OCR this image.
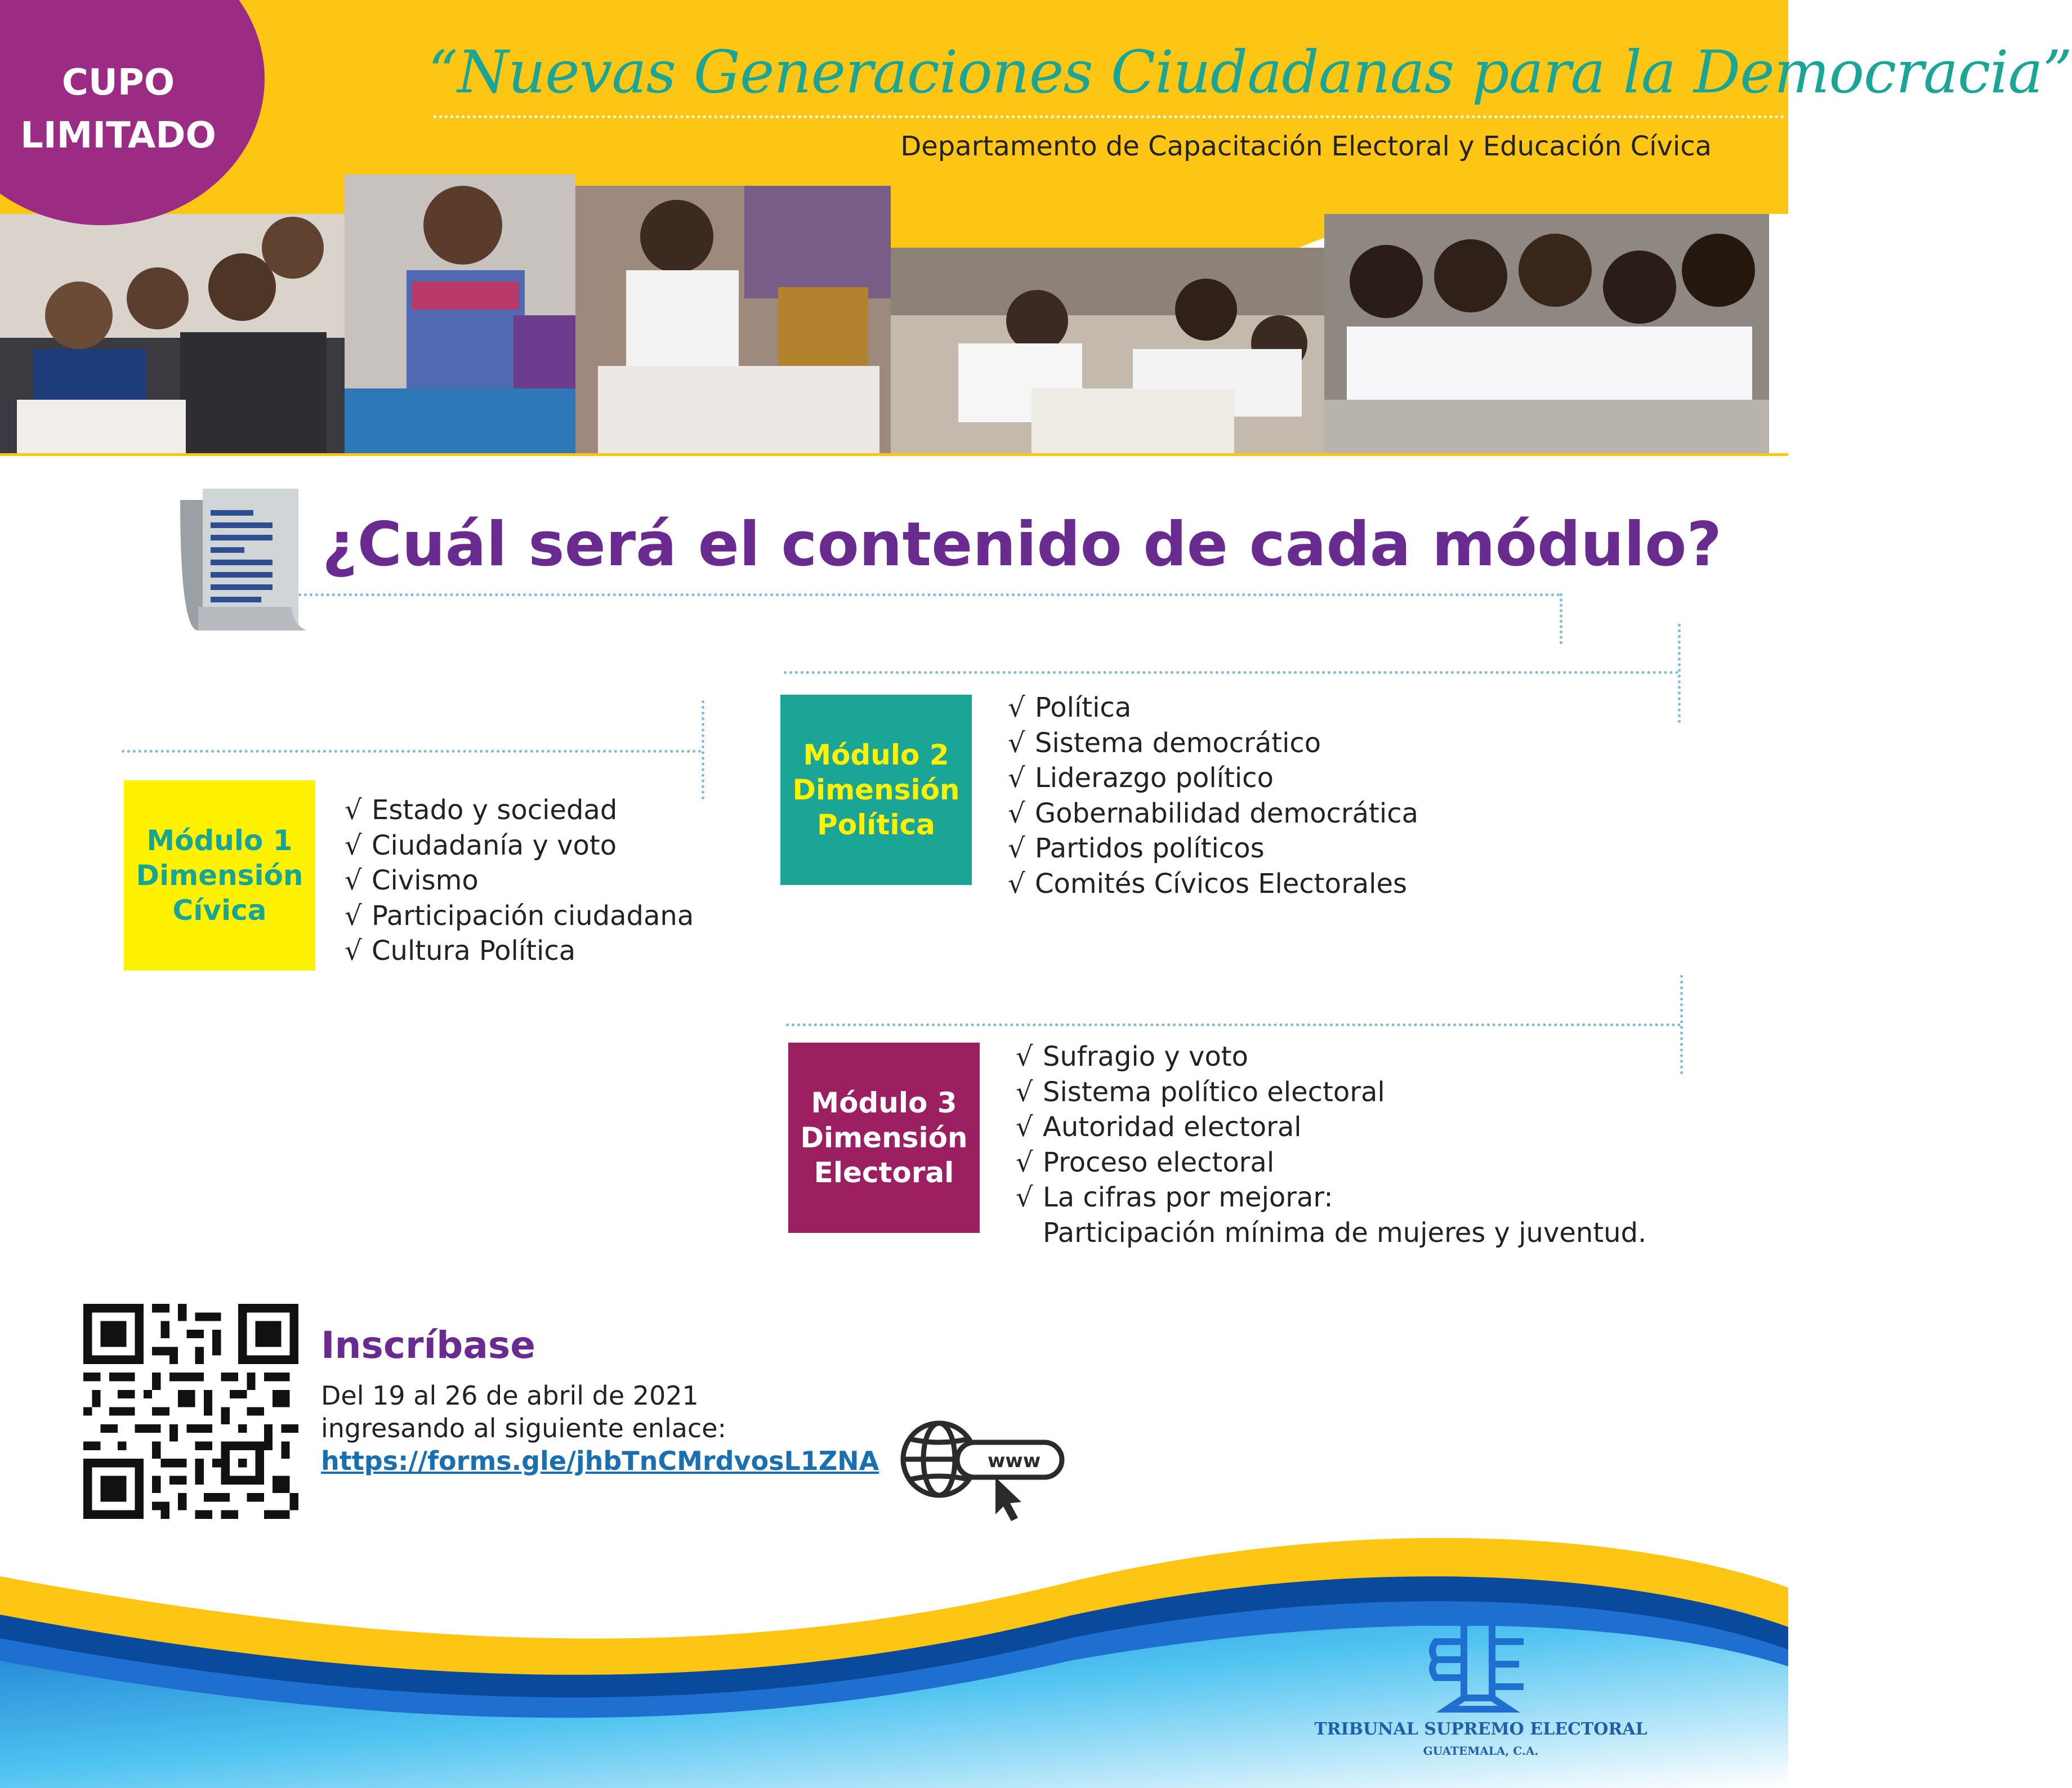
CUPO
LIMITADO
“Nuevas Generaciones Ciudadanas para la Democracia”
Departamento de Capacitación Electoral y Educación Cívica
¿Cuál será el contenido de cada módulo?
Módulo 1
Dimensión
Cívica
√ Estado y sociedad
√ Ciudadanía y voto
√ Civismo
√ Participación ciudadana
√ Cultura Política
Módulo 2
Dimensión
Política
√ Política
√ Sistema democrático
√ Liderazgo político
√ Gobernabilidad democrática
√ Partidos políticos
√ Comités Cívicos Electorales
Módulo 3
Dimensión
Electoral
√ Sufragio y voto
√ Sistema político electoral
√ Autoridad electoral
√ Proceso electoral
√ La cifras por mejorar:
Participación mínima de mujeres y juventud.
Inscríbase
Del 19 al 26 de abril de 2021
ingresando al siguiente enlace:
https://forms.gle/jhbTnCMrdvosL1ZNA	www
TRIBUNAL SUPREMO ELECTORAL
GUATEMALA, C.A.
